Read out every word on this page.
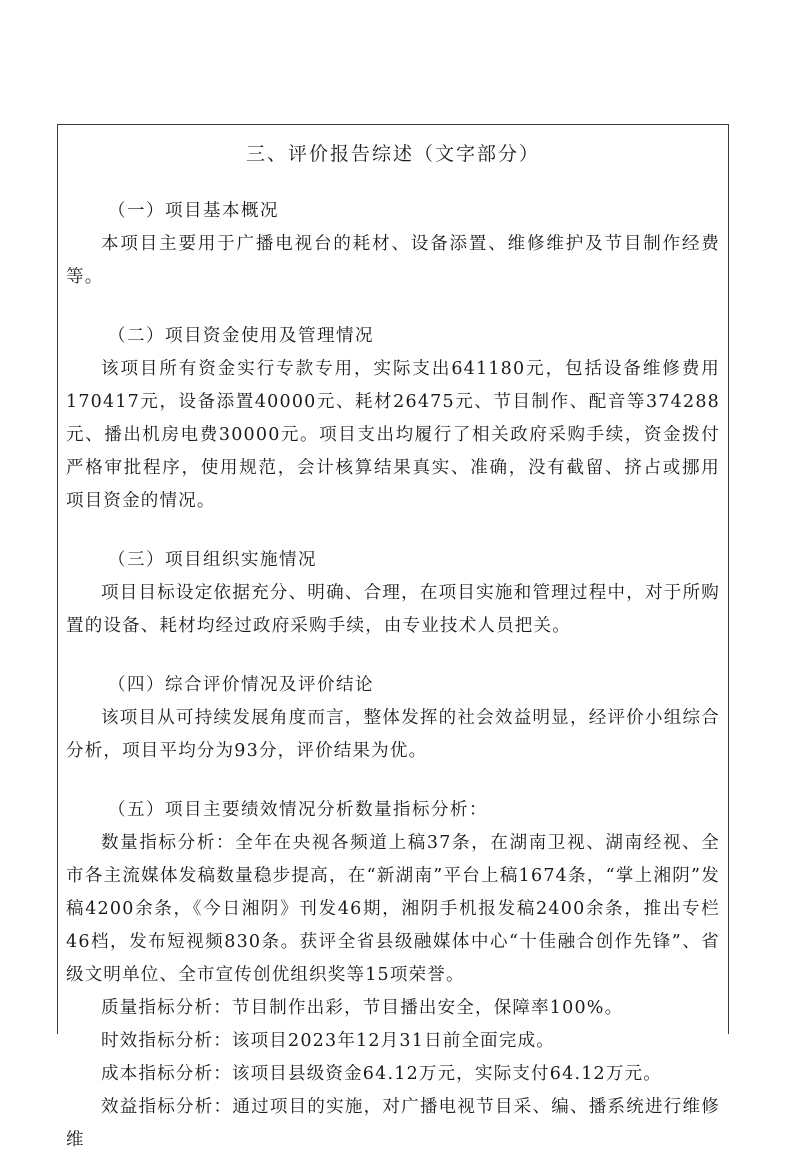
三、评价报告综述（文字部分）

（一）项目基本概况

本项目主要用于广播电视台的耗材、设备添置、维修维护及节目制作经费等。

（二）项目资金使用及管理情况

该项目所有资金实行专款专用，实际支出641180元，包括设备维修费用170417元，设备添置40000元、耗材26475元、节目制作、配音等374288元、播出机房电费30000元。项目支出均履行了相关政府采购手续，资金拨付严格审批程序，使用规范，会计核算结果真实、准确，没有截留、挤占或挪用项目资金的情况。

（三）项目组织实施情况

项目目标设定依据充分、明确、合理，在项目实施和管理过程中，对于所购置的设备、耗材均经过政府采购手续，由专业技术人员把关。

（四）综合评价情况及评价结论

该项目从可持续发展角度而言，整体发挥的社会效益明显，经评价小组综合分析，项目平均分为93分，评价结果为优。

（五）项目主要绩效情况分析数量指标分析：

数量指标分析：全年在央视各频道上稿37条，在湖南卫视、湖南经视、全市各主流媒体发稿数量稳步提高，在“新湖南”平台上稿1674条，“掌上湘阴”发稿4200余条，《今日湘阴》刊发46期，湘阴手机报发稿2400余条，推出专栏46档，发布短视频830条。获评全省县级融媒体中心“十佳融合创作先锋”、省级文明单位、全市宣传创优组织奖等15项荣誉。

质量指标分析：节目制作出彩，节目播出安全，保障率100%。

时效指标分析：该项目2023年12月31日前全面完成。

成本指标分析：该项目县级资金64.12万元，实际支付64.12万元。

效益指标分析：通过项目的实施，对广播电视节目采、编、播系统进行维修维
